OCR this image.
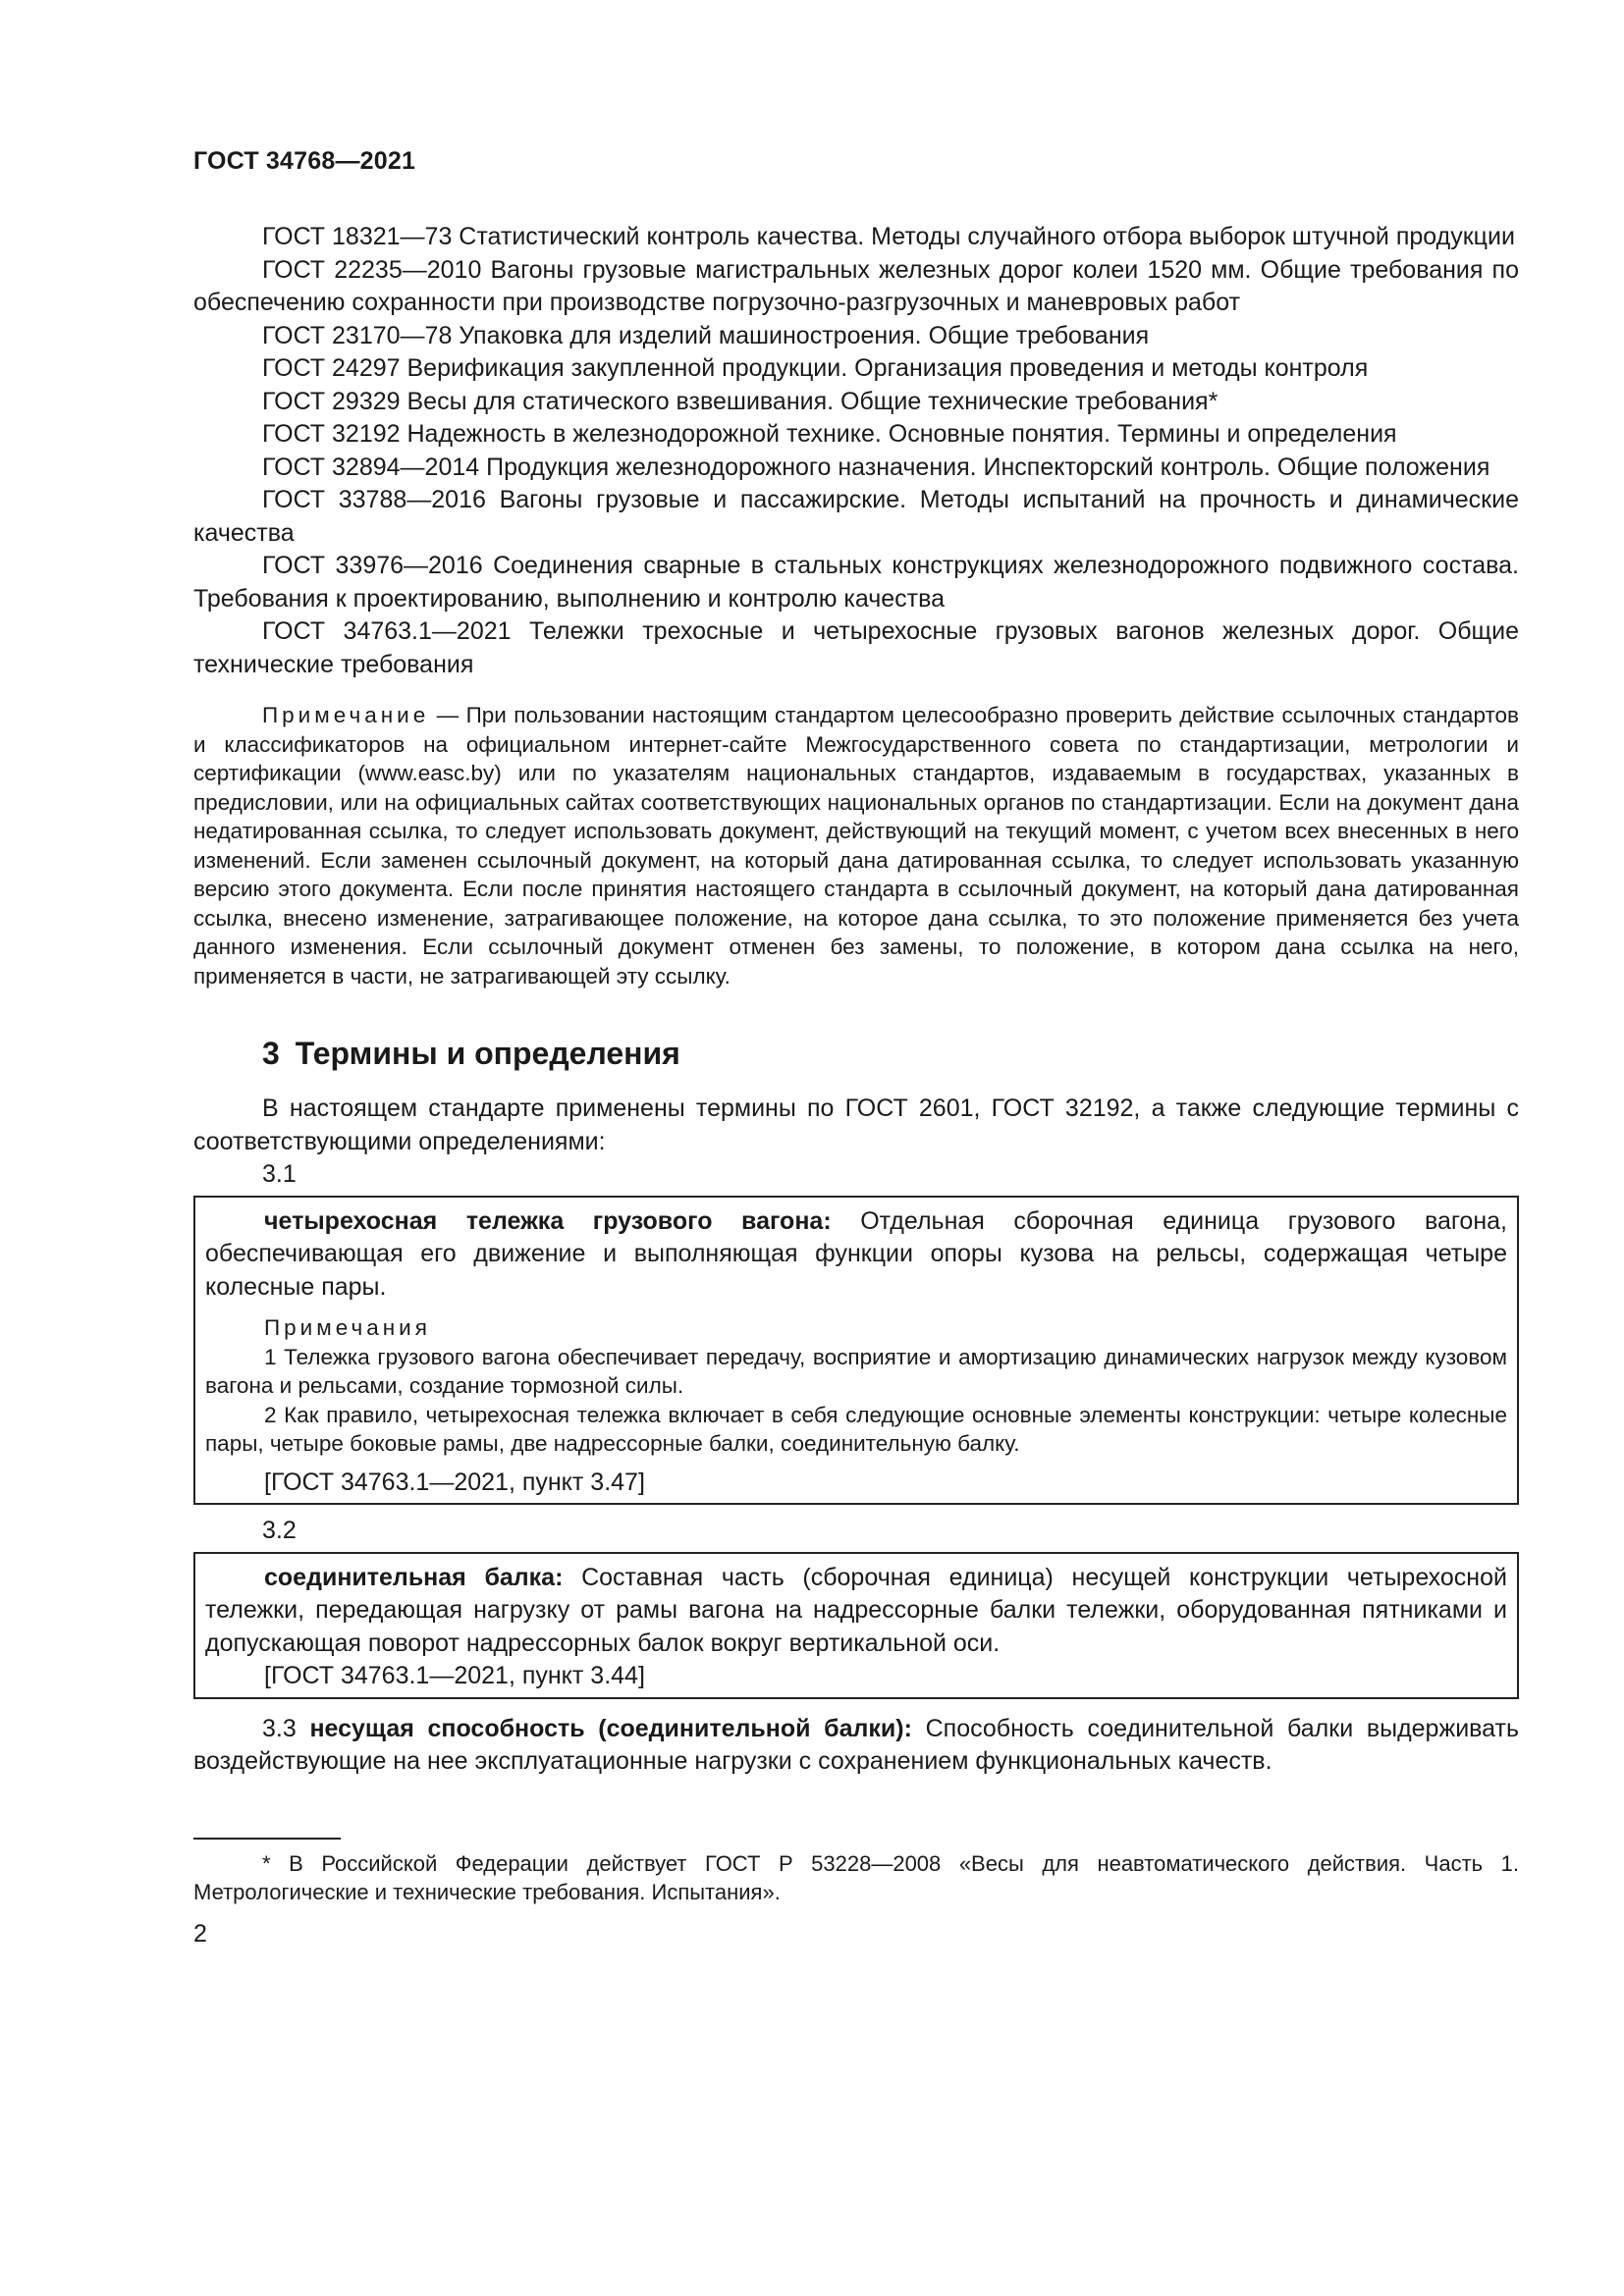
ГОСТ 34768—2021

ГОСТ 18321—73 Статистический контроль качества. Методы случайного отбора выборок штучной продукции

ГОСТ 22235—2010 Вагоны грузовые магистральных железных дорог колеи 1520 мм. Общие требования по обеспечению сохранности при производстве погрузочно-разгрузочных и маневровых работ

ГОСТ 23170—78 Упаковка для изделий машиностроения. Общие требования

ГОСТ 24297 Верификация закупленной продукции. Организация проведения и методы контроля

ГОСТ 29329 Весы для статического взвешивания. Общие технические требования*

ГОСТ 32192 Надежность в железнодорожной технике. Основные понятия. Термины и определения

ГОСТ 32894—2014 Продукция железнодорожного назначения. Инспекторский контроль. Общие положения

ГОСТ 33788—2016 Вагоны грузовые и пассажирские. Методы испытаний на прочность и динамические качества

ГОСТ 33976—2016 Соединения сварные в стальных конструкциях железнодорожного подвижного состава. Требования к проектированию, выполнению и контролю качества

ГОСТ 34763.1—2021 Тележки трехосные и четырехосные грузовых вагонов железных дорог. Общие технические требования

Примечание — При пользовании настоящим стандартом целесообразно проверить действие ссылочных стандартов и классификаторов на официальном интернет-сайте Межгосударственного совета по стандартизации, метрологии и сертификации (www.easc.by) или по указателям национальных стандартов, издаваемым в государствах, указанных в предисловии, или на официальных сайтах соответствующих национальных органов по стандартизации. Если на документ дана недатированная ссылка, то следует использовать документ, действующий на текущий момент, с учетом всех внесенных в него изменений. Если заменен ссылочный документ, на который дана датированная ссылка, то следует использовать указанную версию этого документа. Если после принятия настоящего стандарта в ссылочный документ, на который дана датированная ссылка, внесено изменение, затрагивающее положение, на которое дана ссылка, то это положение применяется без учета данного изменения. Если ссылочный документ отменен без замены, то положение, в котором дана ссылка на него, применяется в части, не затрагивающей эту ссылку.

3 Термины и определения

В настоящем стандарте применены термины по ГОСТ 2601, ГОСТ 32192, а также следующие термины с соответствующими определениями:

3.1

четырехосная тележка грузового вагона: Отдельная сборочная единица грузового вагона, обеспечивающая его движение и выполняющая функции опоры кузова на рельсы, содержащая четыре колесные пары.

Примечания

1 Тележка грузового вагона обеспечивает передачу, восприятие и амортизацию динамических нагрузок между кузовом вагона и рельсами, создание тормозной силы.

2 Как правило, четырехосная тележка включает в себя следующие основные элементы конструкции: четыре колесные пары, четыре боковые рамы, две надрессорные балки, соединительную балку.

[ГОСТ 34763.1—2021, пункт 3.47]

3.2

соединительная балка: Составная часть (сборочная единица) несущей конструкции четырехосной тележки, передающая нагрузку от рамы вагона на надрессорные балки тележки, оборудованная пятниками и допускающая поворот надрессорных балок вокруг вертикальной оси.

[ГОСТ 34763.1—2021, пункт 3.44]

3.3 несущая способность (соединительной балки): Способность соединительной балки выдерживать воздействующие на нее эксплуатационные нагрузки с сохранением функциональных качеств.

* В Российской Федерации действует ГОСТ Р 53228—2008 «Весы для неавтоматического действия. Часть 1. Метрологические и технические требования. Испытания».

2
